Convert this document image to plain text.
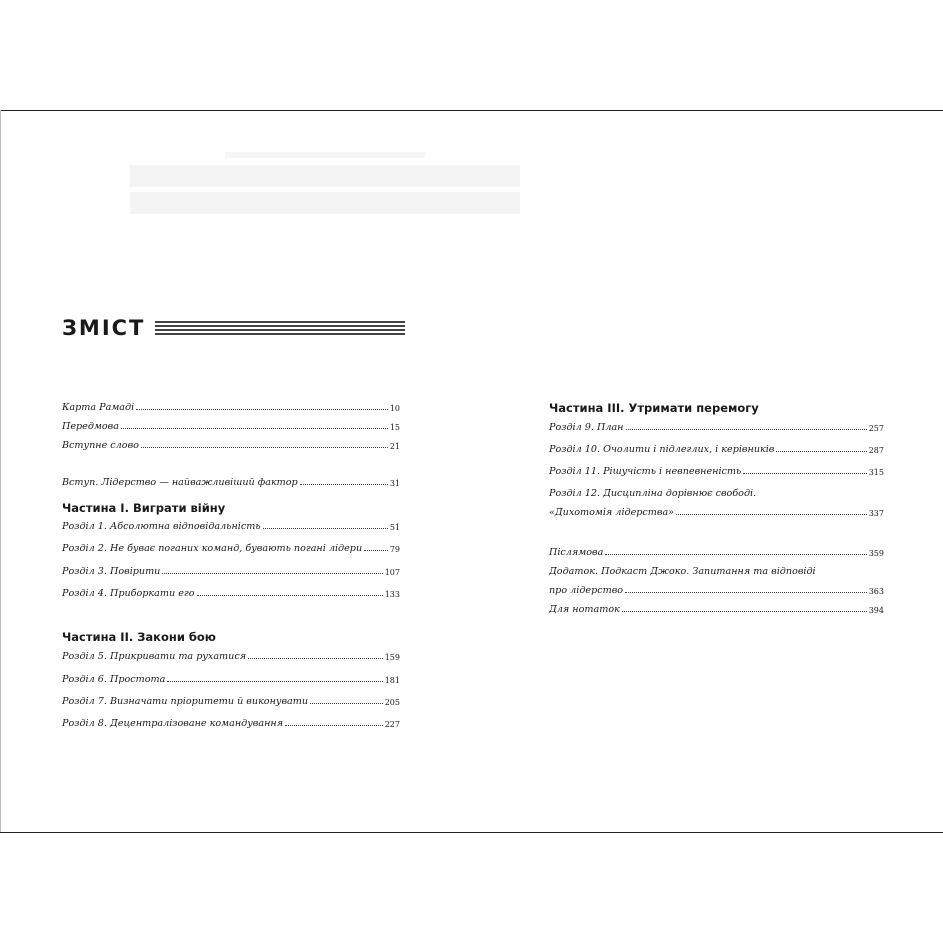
ЗМІСТ
Карта Рамаді	10
Передмова	15
Вступне слово	21
Вступ. Лідерство — найважливіший фактор	31
Частина І. Виграти війну
Розділ 1. Абсолютна відповідальність	51
Розділ 2. Не буває поганих команд, бувають погані лідери	79
Розділ 3. Повірити	107
Розділ 4. Приборкати его	133
Частина ІІ. Закони бою
Розділ 5. Прикривати та рухатися	159
Розділ 6. Простота	181
Розділ 7. Визначати пріоритети й виконувати	205
Розділ 8. Децентралізоване командування	227
Частина ІІІ. Утримати перемогу
Розділ 9. План	257
Розділ 10. Очолити і підлеглих, і керівників	287
Розділ 11. Рішучість і невпевненість	315
Розділ 12. Дисципліна дорівнює свободі.
«Дихотомія лідерства»	337
Післямова	359
Додаток. Подкаст Джоко. Запитання та відповіді
про лідерство	363
Для нотаток	394
